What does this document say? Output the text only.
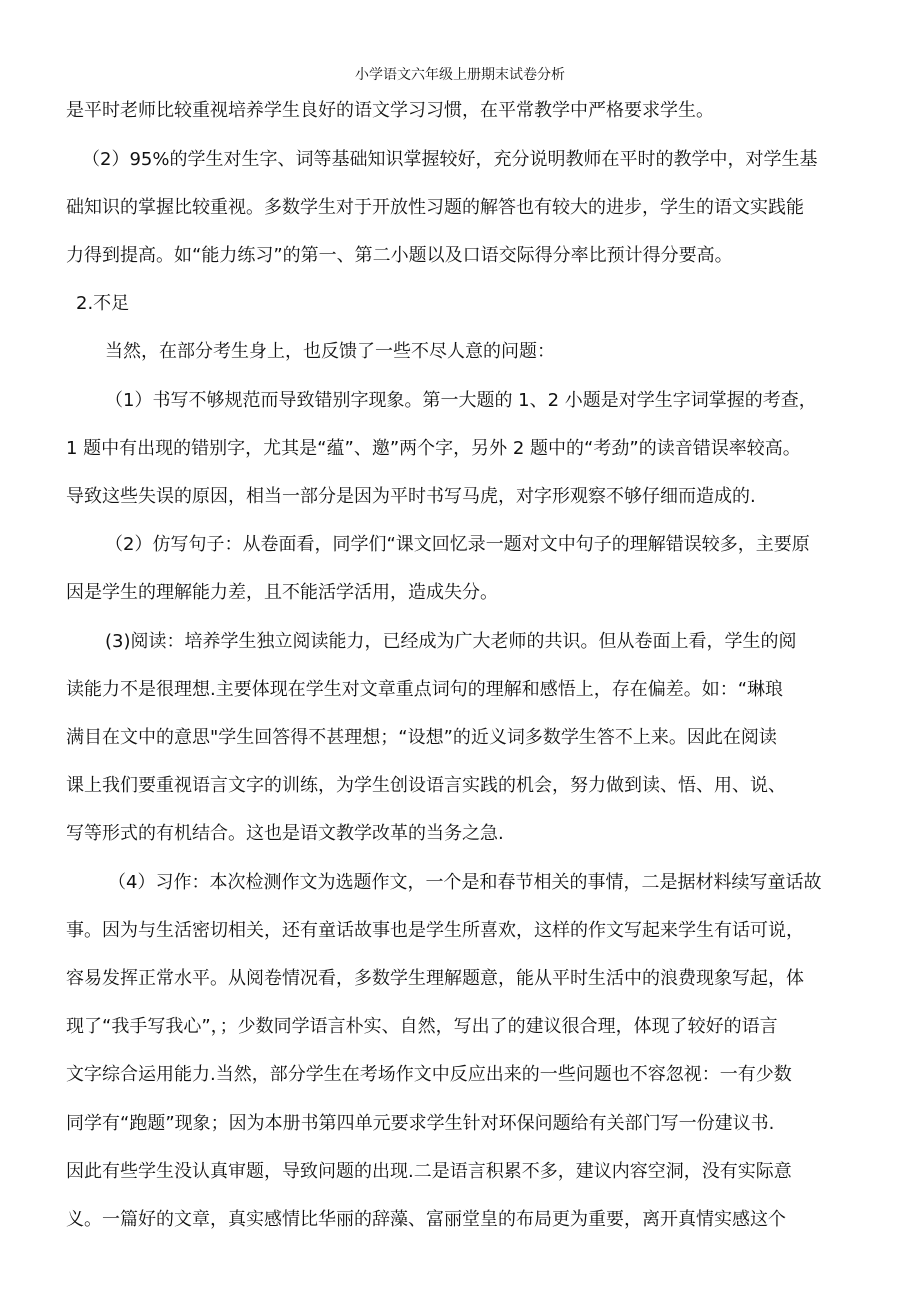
小学语文六年级上册期末试卷分析
是平时老师比较重视培养学生良好的语文学习习惯，在平常教学中严格要求学生。
（2）95%的学生对生字、词等基础知识掌握较好，充分说明教师在平时的教学中，对学生基
础知识的掌握比较重视。多数学生对于开放性习题的解答也有较大的进步，学生的语文实践能
力得到提高。如“能力练习”的第一、第二小题以及口语交际得分率比预计得分要高。
2.不足
当然，在部分考生身上，也反馈了一些不尽人意的问题：
（1）书写不够规范而导致错别字现象。第一大题的 1、2 小题是对学生字词掌握的考查，
1 题中有出现的错别字，尤其是“蕴”、邀”两个字，另外 2 题中的“考劲”的读音错误率较高。
导致这些失误的原因，相当一部分是因为平时书写马虎，对字形观察不够仔细而造成的.
（2）仿写句子：从卷面看，同学们“课文回忆录一题对文中句子的理解错误较多，主要原
因是学生的理解能力差，且不能活学活用，造成失分。
(3)阅读：培养学生独立阅读能力，已经成为广大老师的共识。但从卷面上看，学生的阅
读能力不是很理想.主要体现在学生对文章重点词句的理解和感悟上，存在偏差。如：“琳琅
满目在文中的意思"学生回答得不甚理想；“设想”的近义词多数学生答不上来。因此在阅读
课上我们要重视语言文字的训练，为学生创设语言实践的机会，努力做到读、悟、用、说、
写等形式的有机结合。这也是语文教学改革的当务之急.
（4）习作：本次检测作文为选题作文，一个是和春节相关的事情，二是据材料续写童话故
事。因为与生活密切相关，还有童话故事也是学生所喜欢，这样的作文写起来学生有话可说，
容易发挥正常水平。从阅卷情况看，多数学生理解题意，能从平时生活中的浪费现象写起，体
现了“我手写我心”，；少数同学语言朴实、自然，写出了的建议很合理，体现了较好的语言
文字综合运用能力.当然，部分学生在考场作文中反应出来的一些问题也不容忽视：一有少数
同学有“跑题”现象；因为本册书第四单元要求学生针对环保问题给有关部门写一份建议书.
因此有些学生没认真审题，导致问题的出现.二是语言积累不多，建议内容空洞，没有实际意
义。一篇好的文章，真实感情比华丽的辞藻、富丽堂皇的布局更为重要，离开真情实感这个
